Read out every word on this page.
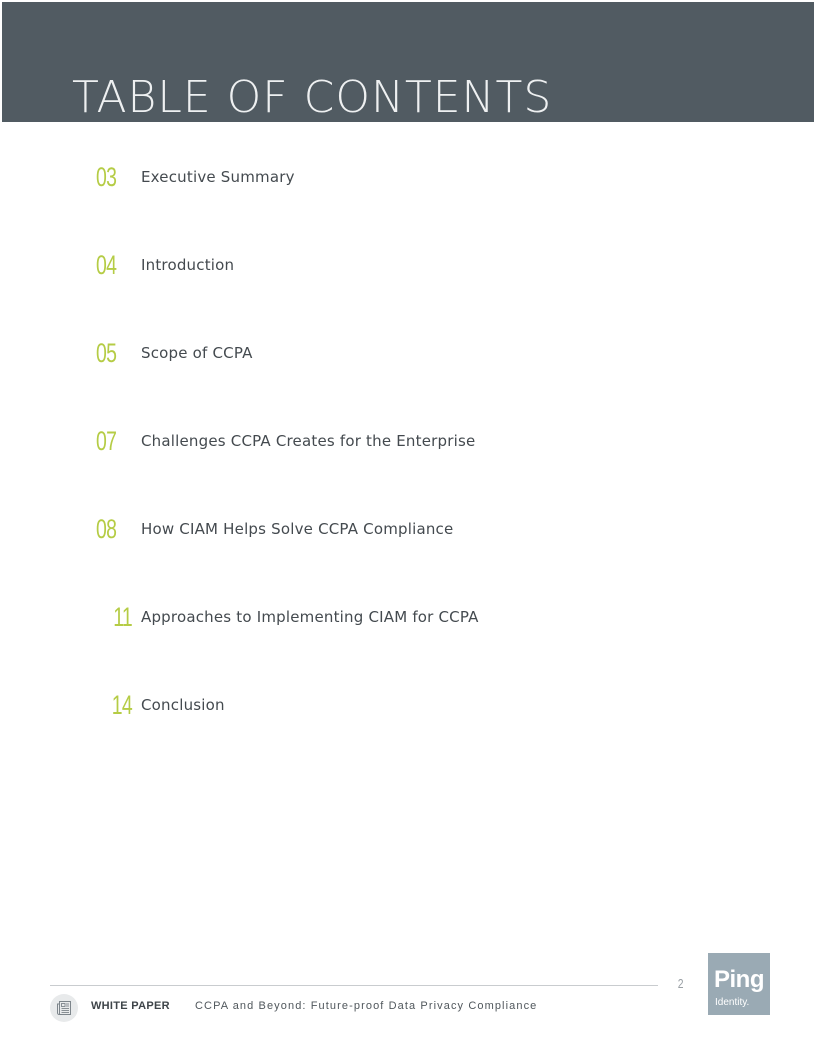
TABLE OF CONTENTS
03	Executive Summary
04	Introduction
05	Scope of CCPA
07	Challenges CCPA Creates for the Enterprise
08	How CIAM Helps Solve CCPA Compliance
11 Approaches to Implementing CIAM for CCPA
14 Conclusion
2
WHITE PAPER CCPA and Beyond: Future-proof Data Privacy Compliance
Ping
Identity.
